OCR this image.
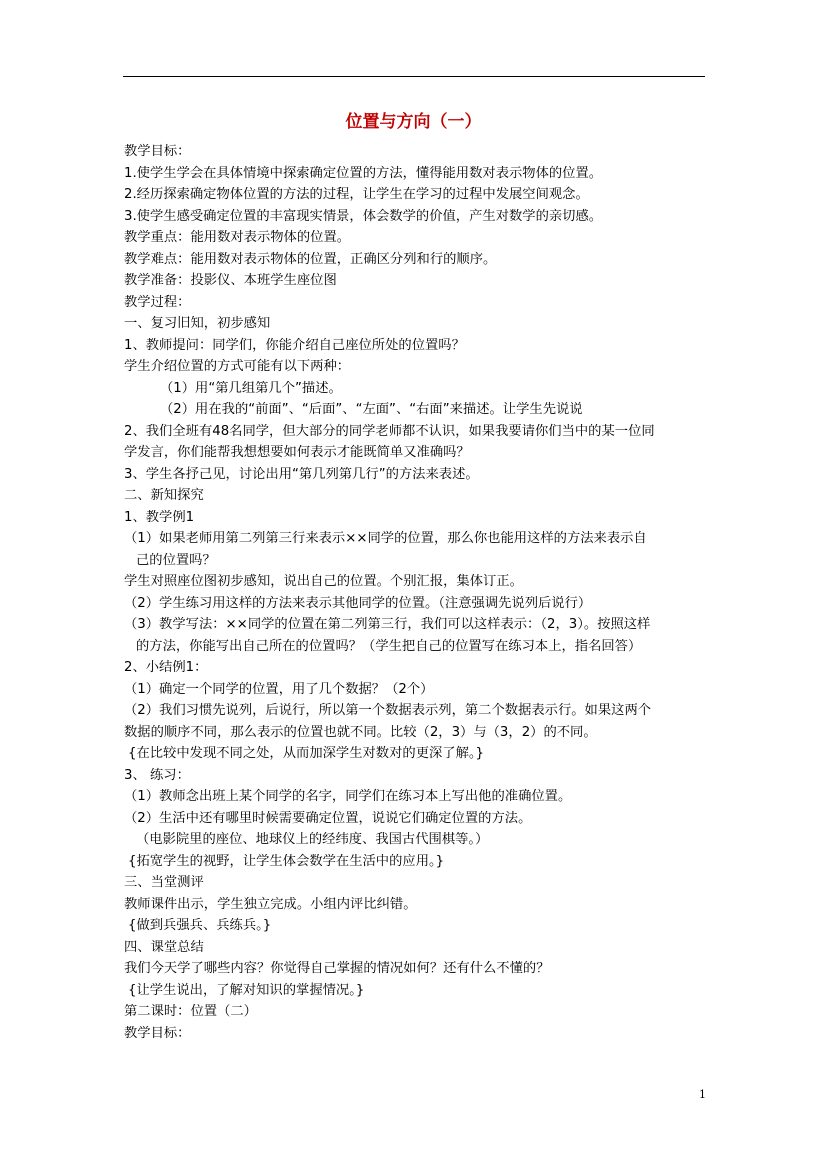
位置与方向（一）
教学目标：
1.使学生学会在具体情境中探索确定位置的方法，懂得能用数对表示物体的位置。
2.经历探索确定物体位置的方法的过程，让学生在学习的过程中发展空间观念。
3.使学生感受确定位置的丰富现实情景，体会数学的价值，产生对数学的亲切感。
教学重点：能用数对表示物体的位置。
教学难点：能用数对表示物体的位置，正确区分列和行的顺序。
教学准备：投影仪、本班学生座位图
教学过程：
一、复习旧知，初步感知
1、教师提问：同学们，你能介绍自己座位所处的位置吗？
学生介绍位置的方式可能有以下两种：
（1）用“第几组第几个”描述。
（2）用在我的“前面”、“后面”、“左面”、“右面”来描述。让学生先说说
2、我们全班有48名同学，但大部分的同学老师都不认识，如果我要请你们当中的某一位同
学发言，你们能帮我想想要如何表示才能既简单又准确吗？
3、学生各抒己见，讨论出用“第几列第几行”的方法来表述。
二、新知探究
1、教学例1
（1）如果老师用第二列第三行来表示××同学的位置，那么你也能用这样的方法来表示自
己的位置吗？
学生对照座位图初步感知，说出自己的位置。个别汇报，集体订正。
（2）学生练习用这样的方法来表示其他同学的位置。（注意强调先说列后说行）
（3）教学写法：××同学的位置在第二列第三行，我们可以这样表示：（2，3）。按照这样
的方法，你能写出自己所在的位置吗？（学生把自己的位置写在练习本上，指名回答）
2、小结例1：
（1）确定一个同学的位置，用了几个数据？（2个）
（2）我们习惯先说列，后说行，所以第一个数据表示列，第二个数据表示行。如果这两个
数据的顺序不同，那么表示的位置也就不同。比较（2，3）与（3，2）的不同。
{在比较中发现不同之处，从而加深学生对数对的更深了解。}
3、 练习：
（1）教师念出班上某个同学的名字，同学们在练习本上写出他的准确位置。
（2）生活中还有哪里时候需要确定位置，说说它们确定位置的方法。
（电影院里的座位、地球仪上的经纬度、我国古代围棋等。）
{拓宽学生的视野，让学生体会数学在生活中的应用。}
三、当堂测评
教师课件出示，学生独立完成。小组内评比纠错。
{做到兵强兵、兵练兵。}
四、课堂总结
我们今天学了哪些内容？你觉得自己掌握的情况如何？还有什么不懂的？
{让学生说出，了解对知识的掌握情况。}
第二课时：位置（二）
教学目标：
1
